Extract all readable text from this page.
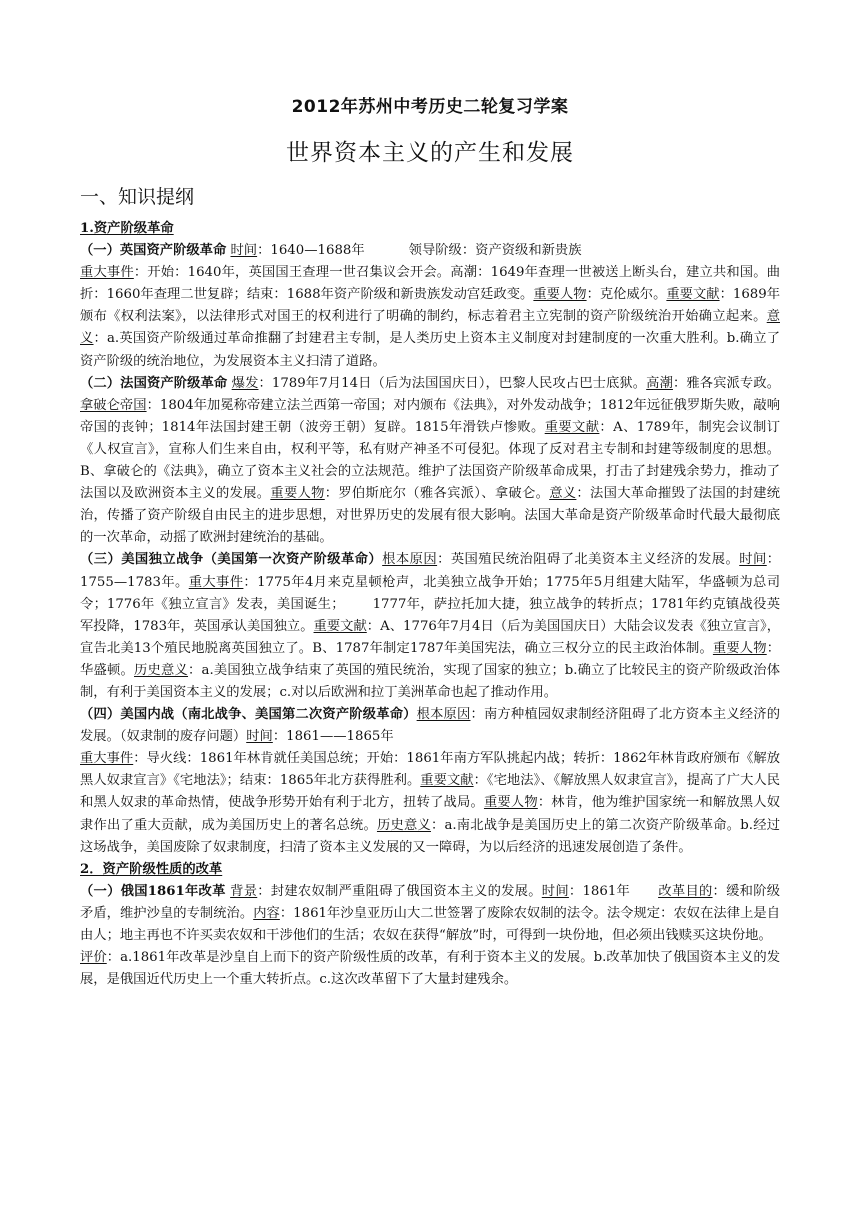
2012年苏州中考历史二轮复习学案
世界资本主义的产生和发展
一、知识提纲

1.资产阶级革命

（一）英国资产阶级革命 时间：1640—1688年	领导阶级：资产资级和新贵族

重大事件：开始：1640年，英国国王查理一世召集议会开会。高潮：1649年查理一世被送上断头台，建立共和国。曲折：1660年查理二世复辟；结束：1688年资产阶级和新贵族发动宫廷政变。重要人物：克伦威尔。重要文献：1689年颁布《权利法案》，以法律形式对国王的权利进行了明确的制约，标志着君主立宪制的资产阶级统治开始确立起来。意义：a.英国资产阶级通过革命推翻了封建君主专制，是人类历史上资本主义制度对封建制度的一次重大胜利。b.确立了资产阶级的统治地位，为发展资本主义扫清了道路。

（二）法国资产阶级革命 爆发：1789年7月14日（后为法国国庆日），巴黎人民攻占巴士底狱。高潮：雅各宾派专政。拿破仑帝国：1804年加冕称帝建立法兰西第一帝国；对内颁布《法典》，对外发动战争；1812年远征俄罗斯失败，敲响帝国的丧钟；1814年法国封建王朝（波旁王朝）复辟。1815年滑铁卢惨败。重要文献：A、1789年，制宪会议制订《人权宣言》，宣称人们生来自由，权利平等，私有财产神圣不可侵犯。体现了反对君主专制和封建等级制度的思想。B、拿破仑的《法典》，确立了资本主义社会的立法规范。维护了法国资产阶级革命成果，打击了封建残余势力，推动了法国以及欧洲资本主义的发展。重要人物：罗伯斯庇尔（雅各宾派）、拿破仑。意义：法国大革命摧毁了法国的封建统治，传播了资产阶级自由民主的进步思想，对世界历史的发展有很大影响。法国大革命是资产阶级革命时代最大最彻底的一次革命，动摇了欧洲封建统治的基础。

（三）美国独立战争（美国第一次资产阶级革命）根本原因：英国殖民统治阻碍了北美资本主义经济的发展。时间：1755—1783年。重大事件：1775年4月来克星顿枪声，北美独立战争开始；1775年5月组建大陆军，华盛顿为总司令；1776年《独立宣言》发表，美国诞生； 1777年，萨拉托加大捷，独立战争的转折点；1781年约克镇战役英军投降，1783年，英国承认美国独立。重要文献：A、1776年7月4日（后为美国国庆日）大陆会议发表《独立宣言》，宣告北美13个殖民地脱离英国独立了。B、1787年制定1787年美国宪法，确立三权分立的民主政治体制。重要人物：华盛顿。历史意义：a.美国独立战争结束了英国的殖民统治，实现了国家的独立；b.确立了比较民主的资产阶级政治体制，有利于美国资本主义的发展；c.对以后欧洲和拉丁美洲革命也起了推动作用。

（四）美国内战（南北战争、美国第二次资产阶级革命）根本原因：南方种植园奴隶制经济阻碍了北方资本主义经济的发展。（奴隶制的废存问题）时间：1861——1865年

重大事件：导火线：1861年林肯就任美国总统；开始：1861年南方军队挑起内战；转折：1862年林肯政府颁布《解放黑人奴隶宣言》《宅地法》；结束：1865年北方获得胜利。重要文献：《宅地法》、《解放黑人奴隶宣言》，提高了广大人民和黑人奴隶的革命热情，使战争形势开始有利于北方，扭转了战局。重要人物：林肯，他为维护国家统一和解放黑人奴隶作出了重大贡献，成为美国历史上的著名总统。历史意义：a.南北战争是美国历史上的第二次资产阶级革命。b.经过这场战争，美国废除了奴隶制度，扫清了资本主义发展的又一障碍，为以后经济的迅速发展创造了条件。

2．资产阶级性质的改革

（一）俄国1861年改革 背景：封建农奴制严重阻碍了俄国资本主义的发展。时间：1861年 改革目的：缓和阶级矛盾，维护沙皇的专制统治。内容：1861年沙皇亚历山大二世签署了废除农奴制的法令。法令规定：农奴在法律上是自由人；地主再也不许买卖农奴和干涉他们的生活；农奴在获得“解放”时，可得到一块份地，但必须出钱赎买这块份地。

评价：a.1861年改革是沙皇自上而下的资产阶级性质的改革，有利于资本主义的发展。b.改革加快了俄国资本主义的发展，是俄国近代历史上一个重大转折点。c.这次改革留下了大量封建残余。
